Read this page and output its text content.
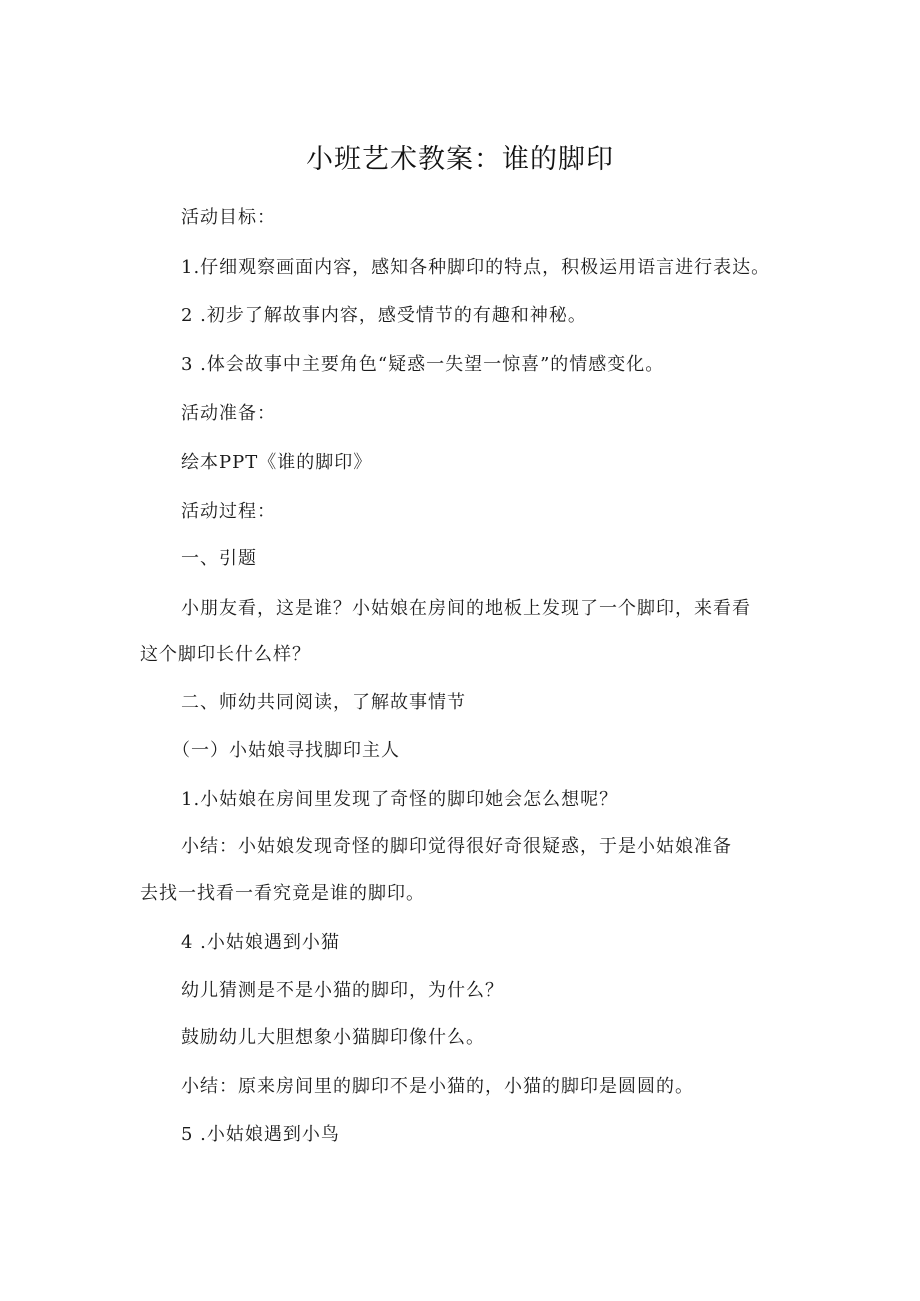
小班艺术教案：谁的脚印
活动目标：
1.仔细观察画面内容，感知各种脚印的特点，积极运用语言进行表达。
2 .初步了解故事内容，感受情节的有趣和神秘。
3 .体会故事中主要角色“疑惑一失望一惊喜”的情感变化。
活动准备：
绘本PPT《谁的脚印》
活动过程：
一、引题
小朋友看，这是谁？小姑娘在房间的地板上发现了一个脚印，来看看
这个脚印长什么样？
二、师幼共同阅读，了解故事情节
（一）小姑娘寻找脚印主人
1.小姑娘在房间里发现了奇怪的脚印她会怎么想呢？
小结：小姑娘发现奇怪的脚印觉得很好奇很疑惑，于是小姑娘准备
去找一找看一看究竟是谁的脚印。
4 .小姑娘遇到小猫
幼儿猜测是不是小猫的脚印，为什么？
鼓励幼儿大胆想象小猫脚印像什么。
小结：原来房间里的脚印不是小猫的，小猫的脚印是圆圆的。
5 .小姑娘遇到小鸟
